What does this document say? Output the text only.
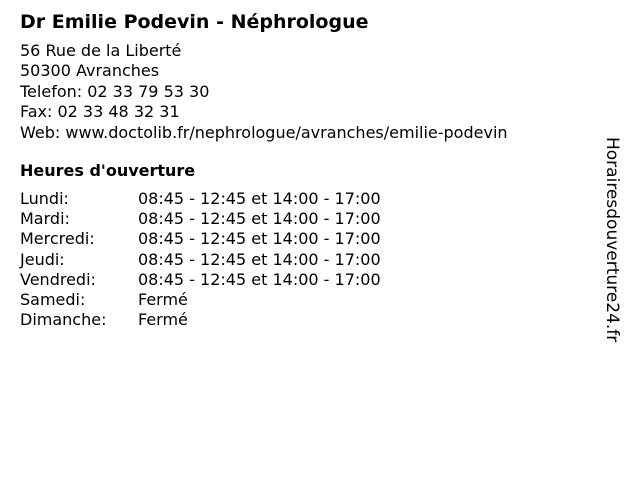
Dr Emilie Podevin - Néphrologue
56 Rue de la Liberté
50300 Avranches
Telefon: 02 33 79 53 30
Fax: 02 33 48 32 31
Web: www.doctolib.fr/nephrologue/avranches/emilie-podevin
Heures d'ouverture
Lundi:	08:45 - 12:45 et 14:00 - 17:00
Mardi:	08:45 - 12:45 et 14:00 - 17:00
Mercredi:	08:45 - 12:45 et 14:00 - 17:00
Jeudi:	08:45 - 12:45 et 14:00 - 17:00
Vendredi:	08:45 - 12:45 et 14:00 - 17:00
Samedi:	Fermé
Dimanche:	Fermé	Horairesdouverture24.fr
